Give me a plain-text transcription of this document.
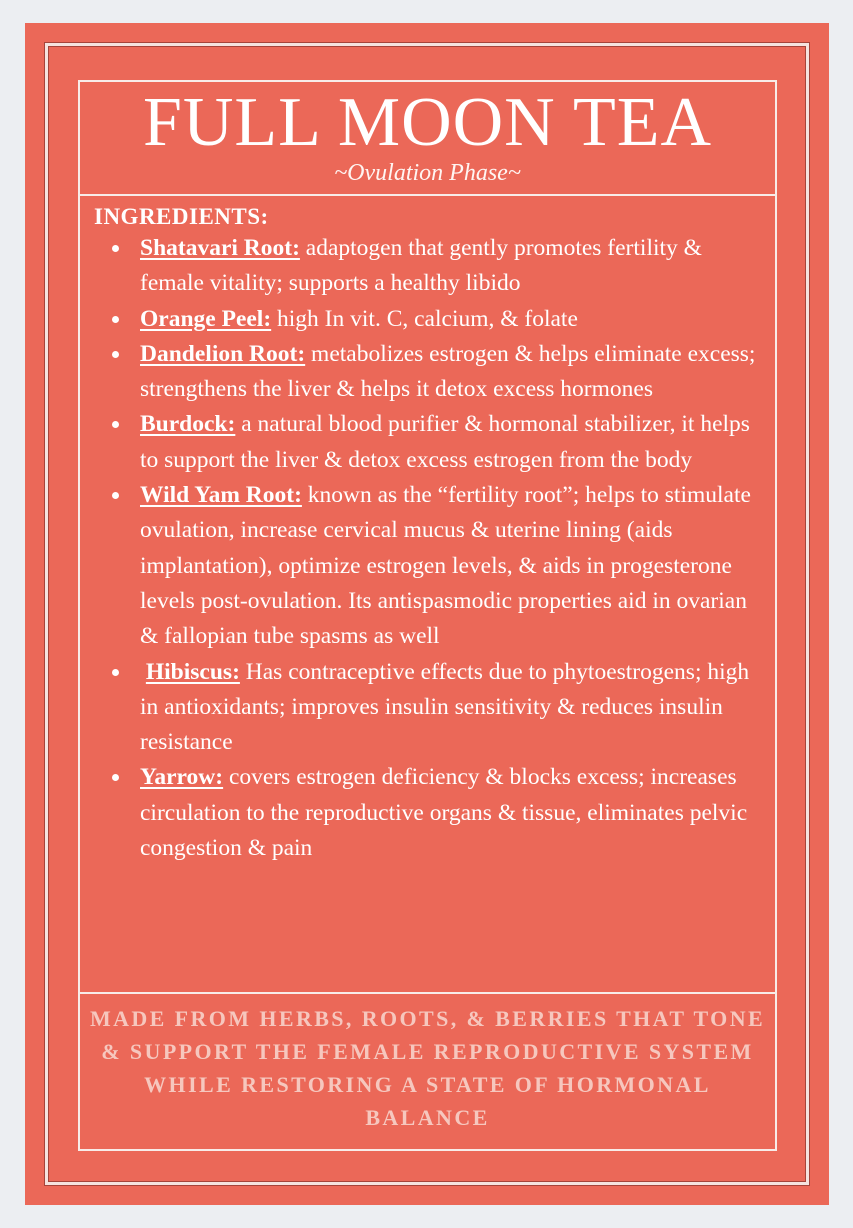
FULL MOON TEA
~Ovulation Phase~
INGREDIENTS:
Shatavari Root: adaptogen that gently promotes fertility & female vitality; supports a healthy libido
Orange Peel: high In vit. C, calcium, & folate
Dandelion Root: metabolizes estrogen & helps eliminate excess; strengthens the liver & helps it detox excess hormones
Burdock: a natural blood purifier & hormonal stabilizer, it helps to support the liver & detox excess estrogen from the body
Wild Yam Root: known as the “fertility root”; helps to stimulate ovulation, increase cervical mucus & uterine lining (aids implantation), optimize estrogen levels, & aids in progesterone levels post-ovulation. Its antispasmodic properties aid in ovarian & fallopian tube spasms as well
Hibiscus: Has contraceptive effects due to phytoestrogens; high in antioxidants; improves insulin sensitivity & reduces insulin resistance
Yarrow: covers estrogen deficiency & blocks excess; increases circulation to the reproductive organs & tissue, eliminates pelvic congestion & pain
MADE FROM HERBS, ROOTS, & BERRIES THAT TONE & SUPPORT THE FEMALE REPRODUCTIVE SYSTEM WHILE RESTORING A STATE OF HORMONAL BALANCE
